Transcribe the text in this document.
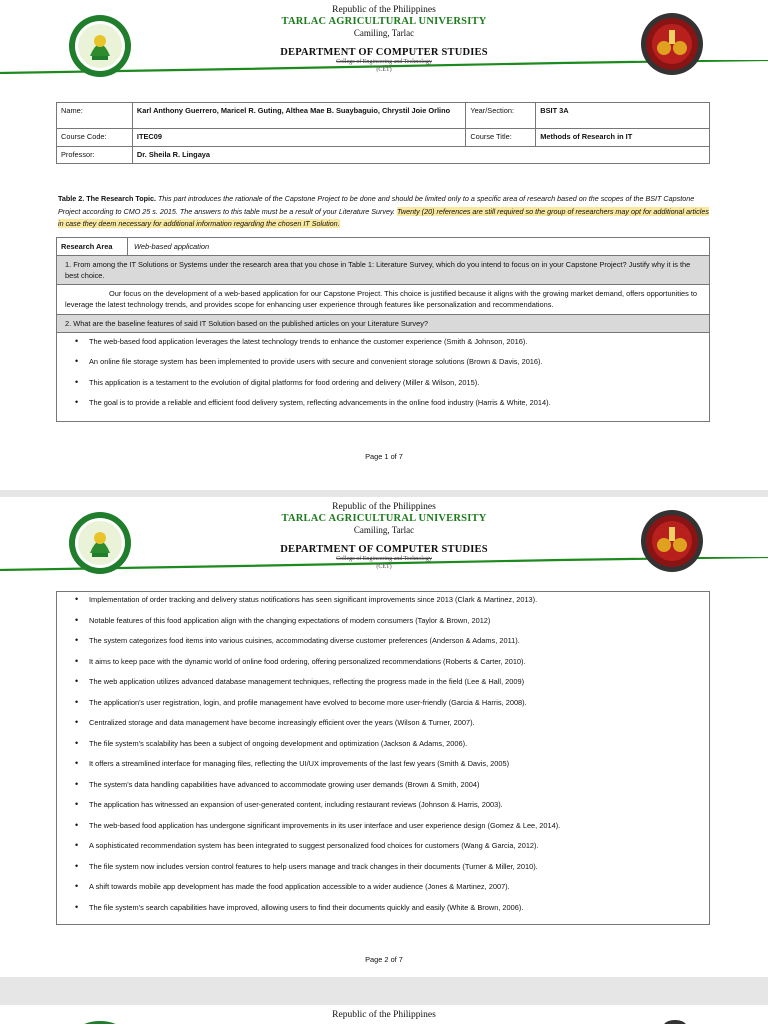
Republic of the Philippines
TARLAC AGRICULTURAL UNIVERSITY
Camiling, Tarlac
DEPARTMENT OF COMPUTER STUDIES
College of Engineering and Technology
(CET)
Name:	Karl Anthony Guerrero, Maricel R. Guting, Althea Mae B. Suaybaguio, Chrystil Joie Orlino	Year/Section:	BSIT 3A
Course Code:	ITEC09	Course Title:	Methods of Research in IT
Professor:	Dr. Sheila R. Lingaya		
Table 2. The Research Topic. This part introduces the rationale of the Capstone Project to be done and should be limited only to a specific area of research based on the scopes of the BSIT Capstone Project according to CMO 25 s. 2015. The answers to this table must be a result of your Literature Survey. Twenty (20) references are still required so the group of researchers may opt for additional articles in case they deem necessary for additional information regarding the chosen IT Solution.
Research Area	Web-based application
1. From among the IT Solutions or Systems under the research area that you chose in Table 1: Literature Survey, which do you intend to focus on in your Capstone Project? Justify why it is the best choice.
Our focus on the development of a web-based application for our Capstone Project. This choice is justified because it aligns with the growing market demand, offers opportunities to leverage the latest technology trends, and provides scope for enhancing user experience through features like personalization and recommendations.
2. What are the baseline features of said IT Solution based on the published articles on your Literature Survey?
• The web-based food application leverages the latest technology trends to enhance the customer experience (Smith & Johnson, 2016).
• An online file storage system has been implemented to provide users with secure and convenient storage solutions (Brown & Davis, 2016).
• This application is a testament to the evolution of digital platforms for food ordering and delivery (Miller & Wilson, 2015).
• The goal is to provide a reliable and efficient food delivery system, reflecting advancements in the online food industry (Harris & White, 2014).
Page 1 of 7
Republic of the Philippines
TARLAC AGRICULTURAL UNIVERSITY
Camiling, Tarlac
DEPARTMENT OF COMPUTER STUDIES
College of Engineering and Technology
(CET)
• Implementation of order tracking and delivery status notifications has seen significant improvements since 2013 (Clark & Martinez, 2013).
• Notable features of this food application align with the changing expectations of modern consumers (Taylor & Brown, 2012)
• The system categorizes food items into various cuisines, accommodating diverse customer preferences (Anderson & Adams, 2011).
• It aims to keep pace with the dynamic world of online food ordering, offering personalized recommendations (Roberts & Carter, 2010).
• The web application utilizes advanced database management techniques, reflecting the progress made in the field (Lee & Hall, 2009)
• The application's user registration, login, and profile management have evolved to become more user-friendly (Garcia & Harris, 2008).
• Centralized storage and data management have become increasingly efficient over the years (Wilson & Turner, 2007).
• The file system's scalability has been a subject of ongoing development and optimization (Jackson & Adams, 2006).
• It offers a streamlined interface for managing files, reflecting the UI/UX improvements of the last few years (Smith & Davis, 2005)
• The system's data handling capabilities have advanced to accommodate growing user demands (Brown & Smith, 2004)
• The application has witnessed an expansion of user-generated content, including restaurant reviews (Johnson & Harris, 2003).
• The web-based food application has undergone significant improvements in its user interface and user experience design (Gomez & Lee, 2014).
• A sophisticated recommendation system has been integrated to suggest personalized food choices for customers (Wang & Garcia, 2012).
• The file system now includes version control features to help users manage and track changes in their documents (Turner & Miller, 2010).
• A shift towards mobile app development has made the food application accessible to a wider audience (Jones & Martinez, 2007).
• The file system's search capabilities have improved, allowing users to find their documents quickly and easily (White & Brown, 2006).
Page 2 of 7
Republic of the Philippines
